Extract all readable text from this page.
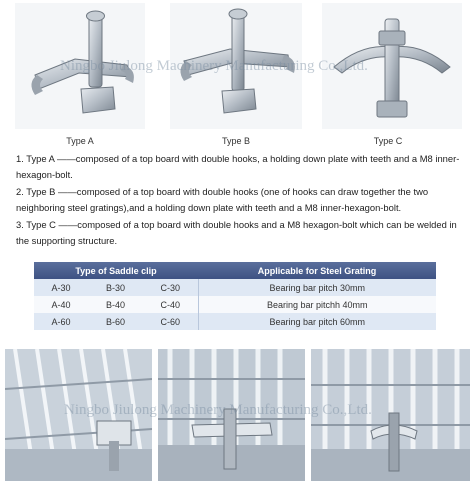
Type A	Type B	Type C

1. Type A ——composed of a top board with double hooks, a holding down plate with teeth and a M8 inner-hexagon-bolt.

2. Type B ——composed of a top board with double hooks (one of hooks can draw together the two neighboring steel gratings),and a holding down plate with teeth and a M8 inner-hexagon-bolt.

3. Type C ——composed of a top board with double hooks and a M8 hexagon-bolt which can be welded in the supporting structure.

Type of Saddle clip			Applicable for Steel Grating
A-30	B-30	C-30	Bearing bar pitch 30mm
A-40	B-40	C-40	Bearing bar pitchh 40mm
A-60	B-60	C-60	Bearing bar pitch 60mm
Ningbo Jiulong Machinery Manufacturing Co.,Ltd.
Ningbo Jiulong Machinery Manufacturing Co.,Ltd.
